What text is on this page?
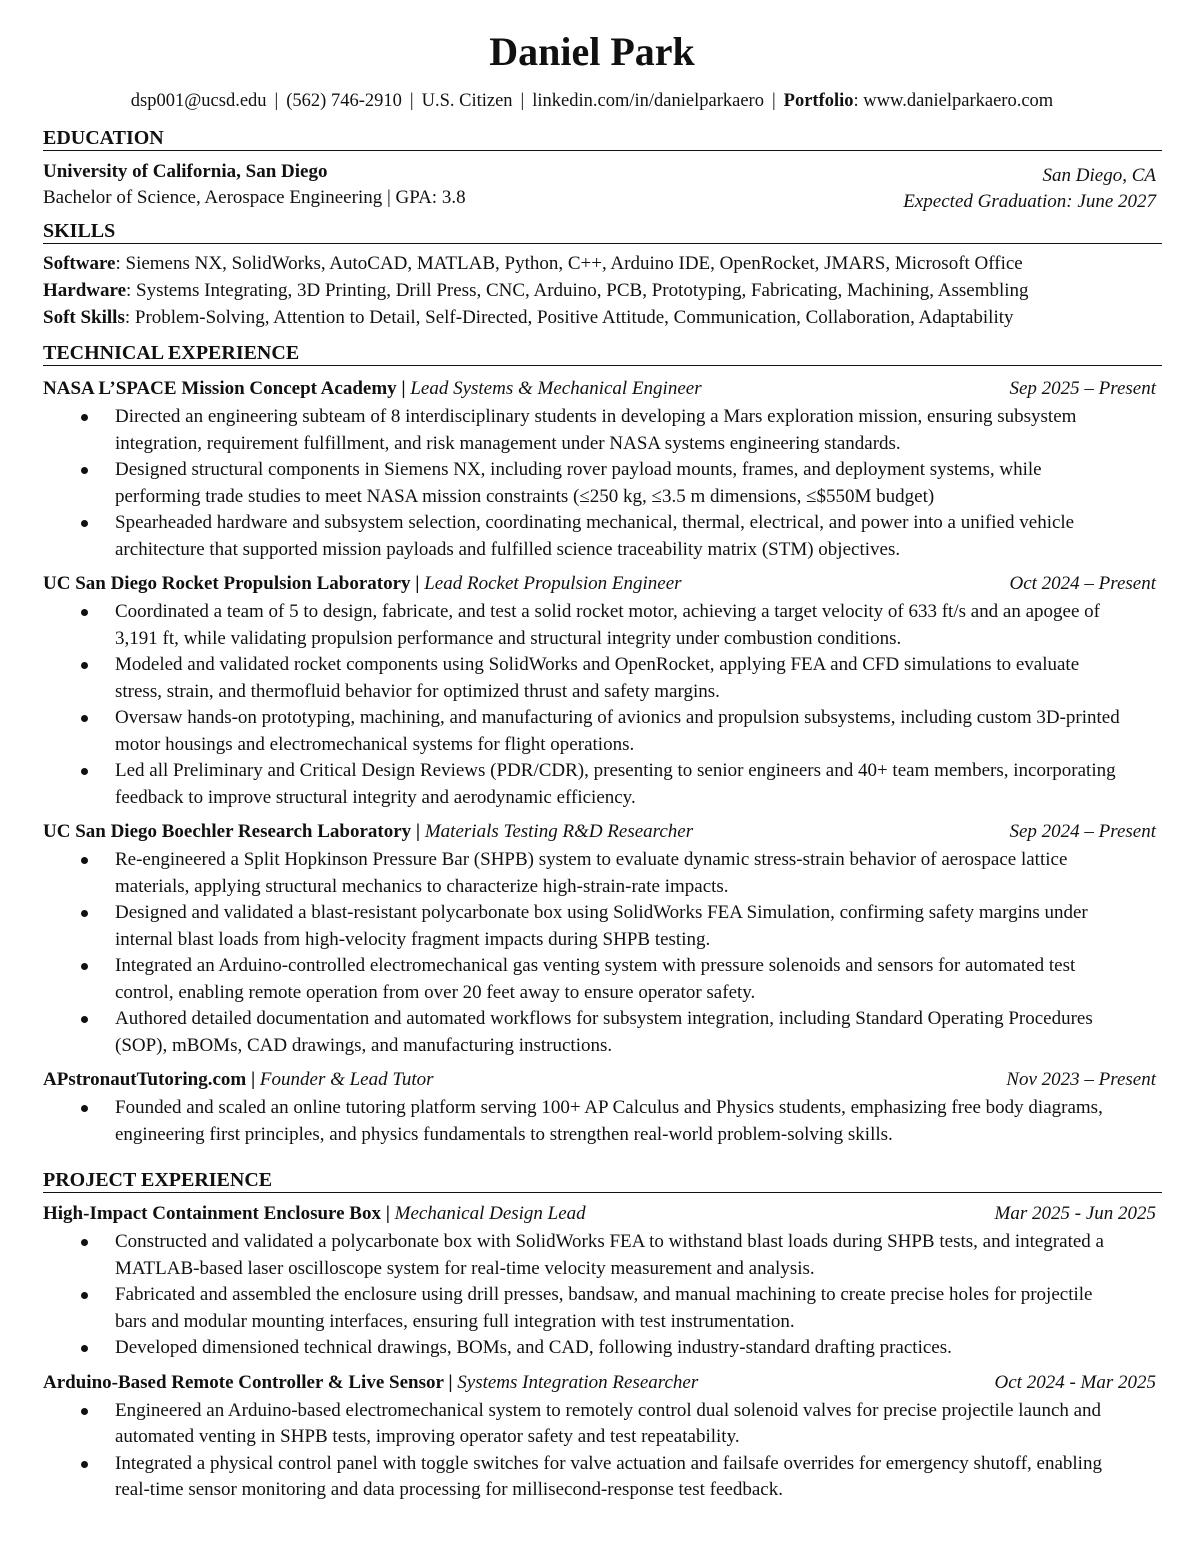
Daniel Park
dsp001@ucsd.edu | (562) 746-2910 | U.S. Citizen | linkedin.com/in/danielparkaero | Portfolio: www.danielparkaero.com
EDUCATION
University of California, San Diego
Bachelor of Science, Aerospace Engineering | GPA: 3.8
San Diego, CA
Expected Graduation: June 2027
SKILLS
Software: Siemens NX, SolidWorks, AutoCAD, MATLAB, Python, C++, Arduino IDE, OpenRocket, JMARS, Microsoft Office
Hardware: Systems Integrating, 3D Printing, Drill Press, CNC, Arduino, PCB, Prototyping, Fabricating, Machining, Assembling
Soft Skills: Problem-Solving, Attention to Detail, Self-Directed, Positive Attitude, Communication, Collaboration, Adaptability
TECHNICAL EXPERIENCE
NASA L’SPACE Mission Concept Academy | Lead Systems & Mechanical Engineer	Sep 2025 – Present
Directed an engineering subteam of 8 interdisciplinary students in developing a Mars exploration mission, ensuring subsystem integration, requirement fulfillment, and risk management under NASA systems engineering standards.
Designed structural components in Siemens NX, including rover payload mounts, frames, and deployment systems, while performing trade studies to meet NASA mission constraints (≤250 kg, ≤3.5 m dimensions, ≤$550M budget)
Spearheaded hardware and subsystem selection, coordinating mechanical, thermal, electrical, and power into a unified vehicle architecture that supported mission payloads and fulfilled science traceability matrix (STM) objectives.
UC San Diego Rocket Propulsion Laboratory | Lead Rocket Propulsion Engineer	Oct 2024 – Present
Coordinated a team of 5 to design, fabricate, and test a solid rocket motor, achieving a target velocity of 633 ft/s and an apogee of 3,191 ft, while validating propulsion performance and structural integrity under combustion conditions.
Modeled and validated rocket components using SolidWorks and OpenRocket, applying FEA and CFD simulations to evaluate stress, strain, and thermofluid behavior for optimized thrust and safety margins.
Oversaw hands-on prototyping, machining, and manufacturing of avionics and propulsion subsystems, including custom 3D-printed motor housings and electromechanical systems for flight operations.
Led all Preliminary and Critical Design Reviews (PDR/CDR), presenting to senior engineers and 40+ team members, incorporating feedback to improve structural integrity and aerodynamic efficiency.
UC San Diego Boechler Research Laboratory | Materials Testing R&D Researcher	Sep 2024 – Present
Re-engineered a Split Hopkinson Pressure Bar (SHPB) system to evaluate dynamic stress-strain behavior of aerospace lattice materials, applying structural mechanics to characterize high-strain-rate impacts.
Designed and validated a blast-resistant polycarbonate box using SolidWorks FEA Simulation, confirming safety margins under internal blast loads from high-velocity fragment impacts during SHPB testing.
Integrated an Arduino-controlled electromechanical gas venting system with pressure solenoids and sensors for automated test control, enabling remote operation from over 20 feet away to ensure operator safety.
Authored detailed documentation and automated workflows for subsystem integration, including Standard Operating Procedures (SOP), mBOMs, CAD drawings, and manufacturing instructions.
APstronautTutoring.com | Founder & Lead Tutor	Nov 2023 – Present
Founded and scaled an online tutoring platform serving 100+ AP Calculus and Physics students, emphasizing free body diagrams, engineering first principles, and physics fundamentals to strengthen real-world problem-solving skills.
PROJECT EXPERIENCE
High-Impact Containment Enclosure Box | Mechanical Design Lead	Mar 2025 - Jun 2025
Constructed and validated a polycarbonate box with SolidWorks FEA to withstand blast loads during SHPB tests, and integrated a MATLAB-based laser oscilloscope system for real-time velocity measurement and analysis.
Fabricated and assembled the enclosure using drill presses, bandsaw, and manual machining to create precise holes for projectile bars and modular mounting interfaces, ensuring full integration with test instrumentation.
Developed dimensioned technical drawings, BOMs, and CAD, following industry-standard drafting practices.
Arduino-Based Remote Controller & Live Sensor | Systems Integration Researcher	Oct 2024 - Mar 2025
Engineered an Arduino-based electromechanical system to remotely control dual solenoid valves for precise projectile launch and automated venting in SHPB tests, improving operator safety and test repeatability.
Integrated a physical control panel with toggle switches for valve actuation and failsafe overrides for emergency shutoff, enabling real-time sensor monitoring and data processing for millisecond-response test feedback.
